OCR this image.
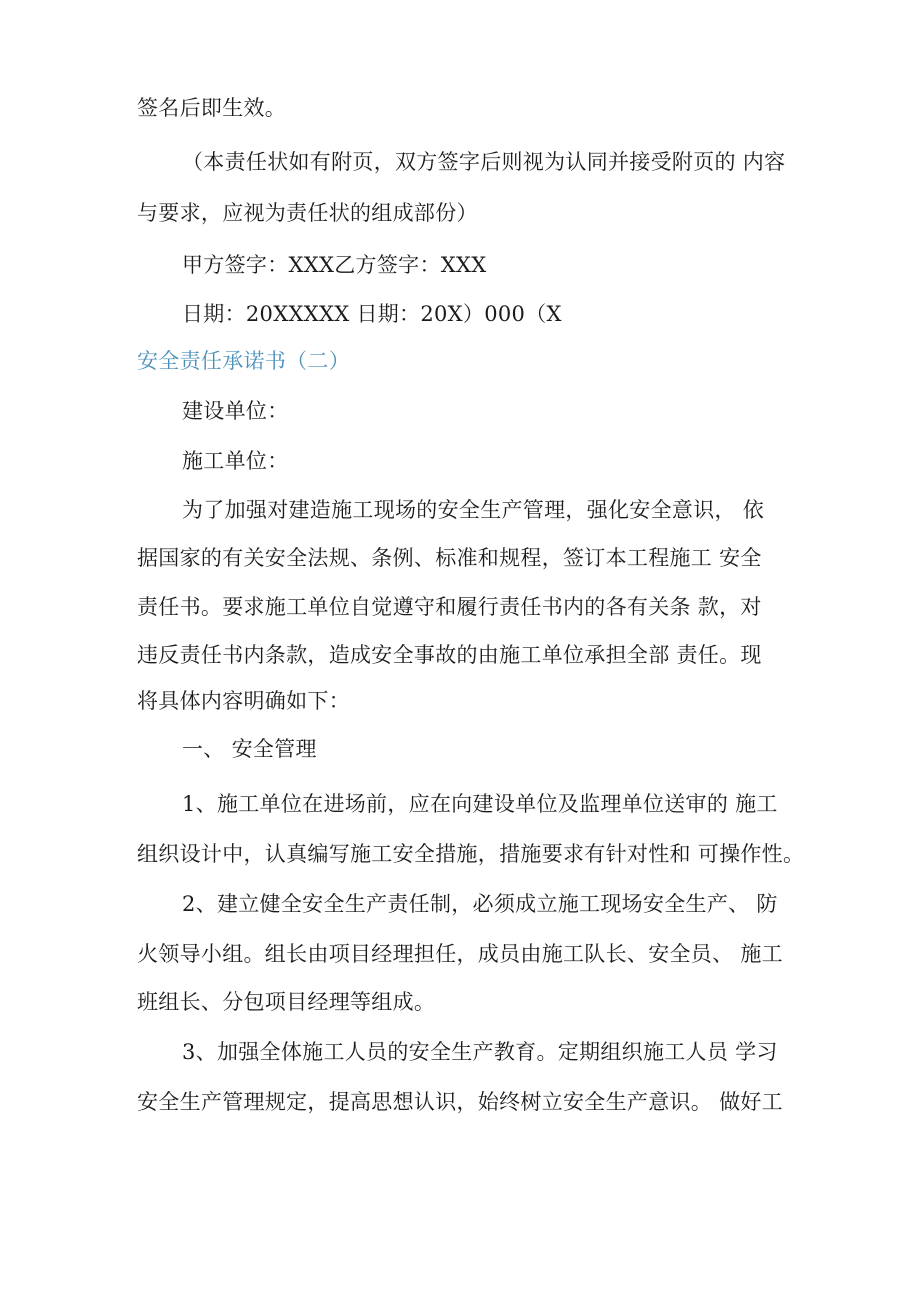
签名后即生效。
（本责任状如有附页，双方签字后则视为认同并接受附页的 内容
与要求，应视为责任状的组成部份）
甲方签字：XXX乙方签字：XXX
日期：20XXXXX 日期：20X）000（X
安全责任承诺书（二）
建设单位：
施工单位：
为了加强对建造施工现场的安全生产管理，强化安全意识， 依
据国家的有关安全法规、条例、标准和规程，签订本工程施工 安全
责任书。要求施工单位自觉遵守和履行责任书内的各有关条 款，对
违反责任书内条款，造成安全事故的由施工单位承担全部 责任。现
将具体内容明确如下：
一、 安全管理
1、施工单位在进场前，应在向建设单位及监理单位送审的 施工
组织设计中，认真编写施工安全措施，措施要求有针对性和 可操作性。
2、建立健全安全生产责任制，必须成立施工现场安全生产、 防
火领导小组。组长由项目经理担任，成员由施工队长、安全员、 施工
班组长、分包项目经理等组成。
3、加强全体施工人员的安全生产教育。定期组织施工人员 学习
安全生产管理规定，提高思想认识，始终树立安全生产意识。 做好工
